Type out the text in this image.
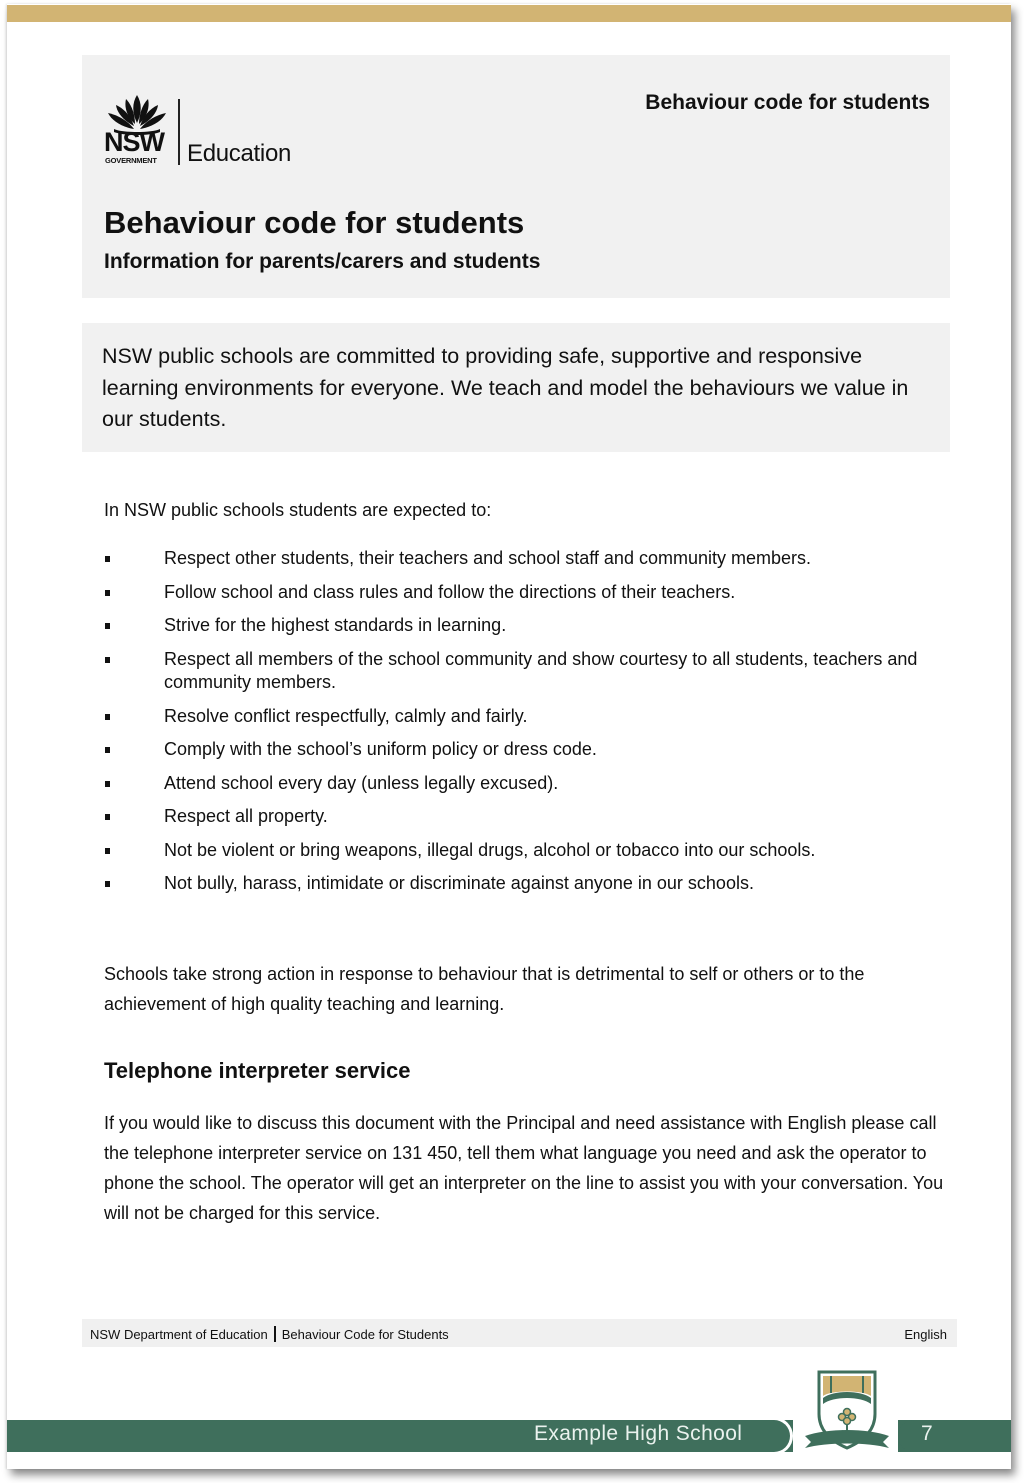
NSW
GOVERNMENT Education
Behaviour code for students
Behaviour code for students
Information for parents/carers and students

NSW public schools are committed to providing safe, supportive and responsive learning environments for everyone. We teach and model the behaviours we value in our students.

In NSW public schools students are expected to:
Respect other students, their teachers and school staff and community members.
Follow school and class rules and follow the directions of their teachers.
Strive for the highest standards in learning.
Respect all members of the school community and show courtesy to all students, teachers and community members.
Resolve conflict respectfully, calmly and fairly.
Comply with the school’s uniform policy or dress code.
Attend school every day (unless legally excused).
Respect all property.
Not be violent or bring weapons, illegal drugs, alcohol or tobacco into our schools.
Not bully, harass, intimidate or discriminate against anyone in our schools.

Schools take strong action in response to behaviour that is detrimental to self or others or to the achievement of high quality teaching and learning.

Telephone interpreter service

If you would like to discuss this document with the Principal and need assistance with English please call the telephone interpreter service on 131 450, tell them what language you need and ask the operator to phone the school. The operator will get an interpreter on the line to assist you with your conversation. You will not be charged for this service.

NSW Department of Education Behaviour Code for Students	English
Example High School	7
